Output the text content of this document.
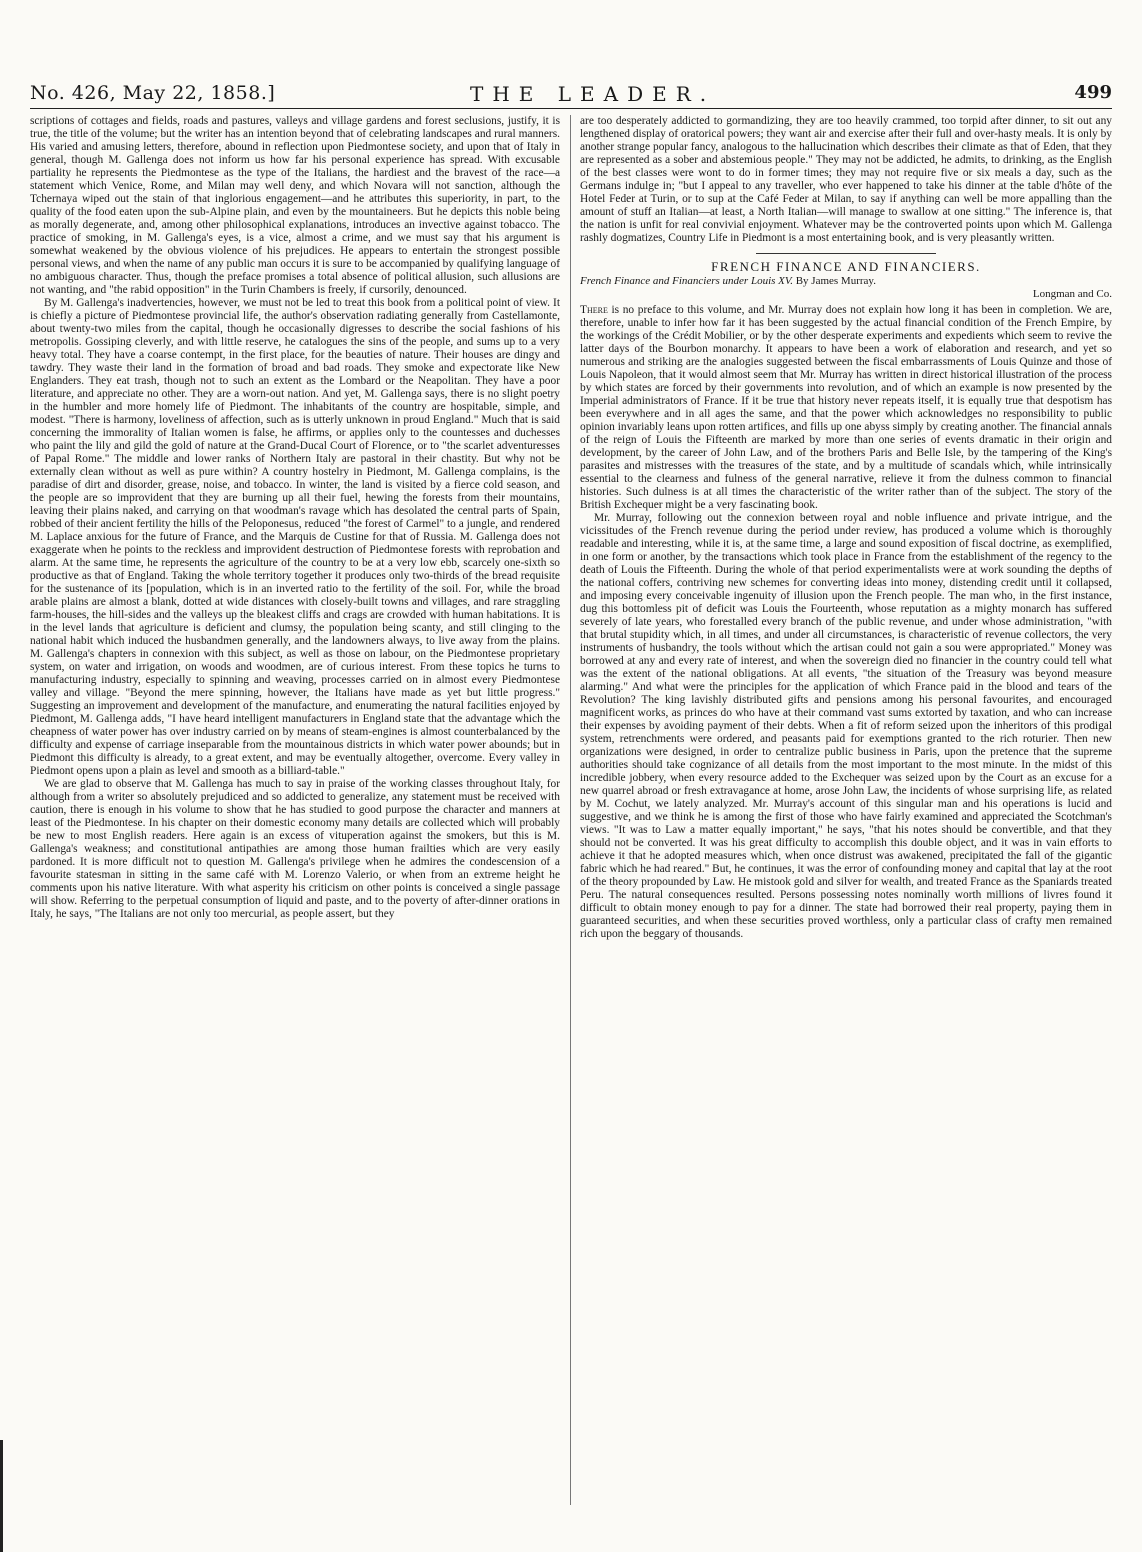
No. 426, May 22, 1858.]	THE LEADER.	499

scriptions of cottages and fields, roads and pastures, valleys and village gardens and forest seclusions, justify, it is true, the title of the volume; but the writer has an intention beyond that of celebrating landscapes and rural manners. His varied and amusing letters, therefore, abound in reflection upon Piedmontese society, and upon that of Italy in general, though M. Gallenga does not inform us how far his personal experience has spread. With excusable partiality he represents the Piedmontese as the type of the Italians, the hardiest and the bravest of the race—a statement which Venice, Rome, and Milan may well deny, and which Novara will not sanction, although the Tchernaya wiped out the stain of that inglorious engagement—and he attributes this superiority, in part, to the quality of the food eaten upon the sub-Alpine plain, and even by the mountaineers. But he depicts this noble being as morally degenerate, and, among other philosophical explanations, introduces an invective against tobacco. The practice of smoking, in M. Gallenga's eyes, is a vice, almost a crime, and we must say that his argument is somewhat weakened by the obvious violence of his prejudices. He appears to entertain the strongest possible personal views, and when the name of any public man occurs it is sure to be accompanied by qualifying language of no ambiguous character. Thus, though the preface promises a total absence of political allusion, such allusions are not wanting, and "the rabid opposition" in the Turin Chambers is freely, if cursorily, denounced.

By M. Gallenga's inadvertencies, however, we must not be led to treat this book from a political point of view. It is chiefly a picture of Piedmontese provincial life, the author's observation radiating generally from Castellamonte, about twenty-two miles from the capital, though he occasionally digresses to describe the social fashions of his metropolis. Gossiping cleverly, and with little reserve, he catalogues the sins of the people, and sums up to a very heavy total. They have a coarse contempt, in the first place, for the beauties of nature. Their houses are dingy and tawdry. They waste their land in the formation of broad and bad roads. They smoke and expectorate like New Englanders. They eat trash, though not to such an extent as the Lombard or the Neapolitan. They have a poor literature, and appreciate no other. They are a worn-out nation. And yet, M. Gallenga says, there is no slight poetry in the humbler and more homely life of Piedmont. The inhabitants of the country are hospitable, simple, and modest. "There is harmony, loveliness of affection, such as is utterly unknown in proud England." Much that is said concerning the immorality of Italian women is false, he affirms, or applies only to the countesses and duchesses who paint the lily and gild the gold of nature at the Grand-Ducal Court of Florence, or to "the scarlet adventuresses of Papal Rome." The middle and lower ranks of Northern Italy are pastoral in their chastity. But why not be externally clean without as well as pure within? A country hostelry in Piedmont, M. Gallenga complains, is the paradise of dirt and disorder, grease, noise, and tobacco. In winter, the land is visited by a fierce cold season, and the people are so improvident that they are burning up all their fuel, hewing the forests from their mountains, leaving their plains naked, and carrying on that woodman's ravage which has desolated the central parts of Spain, robbed of their ancient fertility the hills of the Peloponesus, reduced "the forest of Carmel" to a jungle, and rendered M. Laplace anxious for the future of France, and the Marquis de Custine for that of Russia. M. Gallenga does not exaggerate when he points to the reckless and improvident destruction of Piedmontese forests with reprobation and alarm. At the same time, he represents the agriculture of the country to be at a very low ebb, scarcely one-sixth so productive as that of England. Taking the whole territory together it produces only two-thirds of the bread requisite for the sustenance of its [population, which is in an inverted ratio to the fertility of the soil. For, while the broad arable plains are almost a blank, dotted at wide distances with closely-built towns and villages, and rare straggling farm-houses, the hill-sides and the valleys up the bleakest cliffs and crags are crowded with human habitations. It is in the level lands that agriculture is deficient and clumsy, the population being scanty, and still clinging to the national habit which induced the husbandmen generally, and the landowners always, to live away from the plains. M. Gallenga's chapters in connexion with this subject, as well as those on labour, on the Piedmontese proprietary system, on water and irrigation, on woods and woodmen, are of curious interest. From these topics he turns to manufacturing industry, especially to spinning and weaving, processes carried on in almost every Piedmontese valley and village. "Beyond the mere spinning, however, the Italians have made as yet but little progress." Suggesting an improvement and development of the manufacture, and enumerating the natural facilities enjoyed by Piedmont, M. Gallenga adds, "I have heard intelligent manufacturers in England state that the advantage which the cheapness of water power has over industry carried on by means of steam-engines is almost counterbalanced by the difficulty and expense of carriage inseparable from the mountainous districts in which water power abounds; but in Piedmont this difficulty is already, to a great extent, and may be eventually altogether, overcome. Every valley in Piedmont opens upon a plain as level and smooth as a billiard-table."

We are glad to observe that M. Gallenga has much to say in praise of the working classes throughout Italy, for although from a writer so absolutely prejudiced and so addicted to generalize, any statement must be received with caution, there is enough in his volume to show that he has studied to good purpose the character and manners at least of the Piedmontese. In his chapter on their domestic economy many details are collected which will probably be new to most English readers. Here again is an excess of vituperation against the smokers, but this is M. Gallenga's weakness; and constitutional antipathies are among those human frailties which are very easily pardoned. It is more difficult not to question M. Gallenga's privilege when he admires the condescension of a favourite statesman in sitting in the same café with M. Lorenzo Valerio, or when from an extreme height he comments upon his native literature. With what asperity his criticism on other points is conceived a single passage will show. Referring to the perpetual consumption of liquid and paste, and to the poverty of after-dinner orations in Italy, he says, "The Italians are not only too mercurial, as people assert, but they

are too desperately addicted to gormandizing, they are too heavily crammed, too torpid after dinner, to sit out any lengthened display of oratorical powers; they want air and exercise after their full and over-hasty meals. It is only by another strange popular fancy, analogous to the hallucination which describes their climate as that of Eden, that they are represented as a sober and abstemious people." They may not be addicted, he admits, to drinking, as the English of the best classes were wont to do in former times; they may not require five or six meals a day, such as the Germans indulge in; "but I appeal to any traveller, who ever happened to take his dinner at the table d'hôte of the Hotel Feder at Turin, or to sup at the Café Feder at Milan, to say if anything can well be more appalling than the amount of stuff an Italian—at least, a North Italian—will manage to swallow at one sitting." The inference is, that the nation is unfit for real convivial enjoyment. Whatever may be the controverted points upon which M. Gallenga rashly dogmatizes, Country Life in Piedmont is a most entertaining book, and is very pleasantly written.

FRENCH FINANCE AND FINANCIERS.
French Finance and Financiers under Louis XV. By James Murray.
Longman and Co.

There is no preface to this volume, and Mr. Murray does not explain how long it has been in completion. We are, therefore, unable to infer how far it has been suggested by the actual financial condition of the French Empire, by the workings of the Crédit Mobilier, or by the other desperate experiments and expedients which seem to revive the latter days of the Bourbon monarchy. It appears to have been a work of elaboration and research, and yet so numerous and striking are the analogies suggested between the fiscal embarrassments of Louis Quinze and those of Louis Napoleon, that it would almost seem that Mr. Murray has written in direct historical illustration of the process by which states are forced by their governments into revolution, and of which an example is now presented by the Imperial administrators of France. If it be true that history never repeats itself, it is equally true that despotism has been everywhere and in all ages the same, and that the power which acknowledges no responsibility to public opinion invariably leans upon rotten artifices, and fills up one abyss simply by creating another. The financial annals of the reign of Louis the Fifteenth are marked by more than one series of events dramatic in their origin and development, by the career of John Law, and of the brothers Paris and Belle Isle, by the tampering of the King's parasites and mistresses with the treasures of the state, and by a multitude of scandals which, while intrinsically essential to the clearness and fulness of the general narrative, relieve it from the dulness common to financial histories. Such dulness is at all times the characteristic of the writer rather than of the subject. The story of the British Exchequer might be a very fascinating book.

Mr. Murray, following out the connexion between royal and noble influence and private intrigue, and the vicissitudes of the French revenue during the period under review, has produced a volume which is thoroughly readable and interesting, while it is, at the same time, a large and sound exposition of fiscal doctrine, as exemplified, in one form or another, by the transactions which took place in France from the establishment of the regency to the death of Louis the Fifteenth. During the whole of that period experimentalists were at work sounding the depths of the national coffers, contriving new schemes for converting ideas into money, distending credit until it collapsed, and imposing every conceivable ingenuity of illusion upon the French people. The man who, in the first instance, dug this bottomless pit of deficit was Louis the Fourteenth, whose reputation as a mighty monarch has suffered severely of late years, who forestalled every branch of the public revenue, and under whose administration, "with that brutal stupidity which, in all times, and under all circumstances, is characteristic of revenue collectors, the very instruments of husbandry, the tools without which the artisan could not gain a sou were appropriated." Money was borrowed at any and every rate of interest, and when the sovereign died no financier in the country could tell what was the extent of the national obligations. At all events, "the situation of the Treasury was beyond measure alarming." And what were the principles for the application of which France paid in the blood and tears of the Revolution? The king lavishly distributed gifts and pensions among his personal favourites, and encouraged magnificent works, as princes do who have at their command vast sums extorted by taxation, and who can increase their expenses by avoiding payment of their debts. When a fit of reform seized upon the inheritors of this prodigal system, retrenchments were ordered, and peasants paid for exemptions granted to the rich roturier. Then new organizations were designed, in order to centralize public business in Paris, upon the pretence that the supreme authorities should take cognizance of all details from the most important to the most minute. In the midst of this incredible jobbery, when every resource added to the Exchequer was seized upon by the Court as an excuse for a new quarrel abroad or fresh extravagance at home, arose John Law, the incidents of whose surprising life, as related by M. Cochut, we lately analyzed. Mr. Murray's account of this singular man and his operations is lucid and suggestive, and we think he is among the first of those who have fairly examined and appreciated the Scotchman's views. "It was to Law a matter equally important," he says, "that his notes should be convertible, and that they should not be converted. It was his great difficulty to accomplish this double object, and it was in vain efforts to achieve it that he adopted measures which, when once distrust was awakened, precipitated the fall of the gigantic fabric which he had reared." But, he continues, it was the error of confounding money and capital that lay at the root of the theory propounded by Law. He mistook gold and silver for wealth, and treated France as the Spaniards treated Peru. The natural consequences resulted. Persons possessing notes nominally worth millions of livres found it difficult to obtain money enough to pay for a dinner. The state had borrowed their real property, paying them in guaranteed securities, and when these securities proved worthless, only a particular class of crafty men remained rich upon the beggary of thousands.
